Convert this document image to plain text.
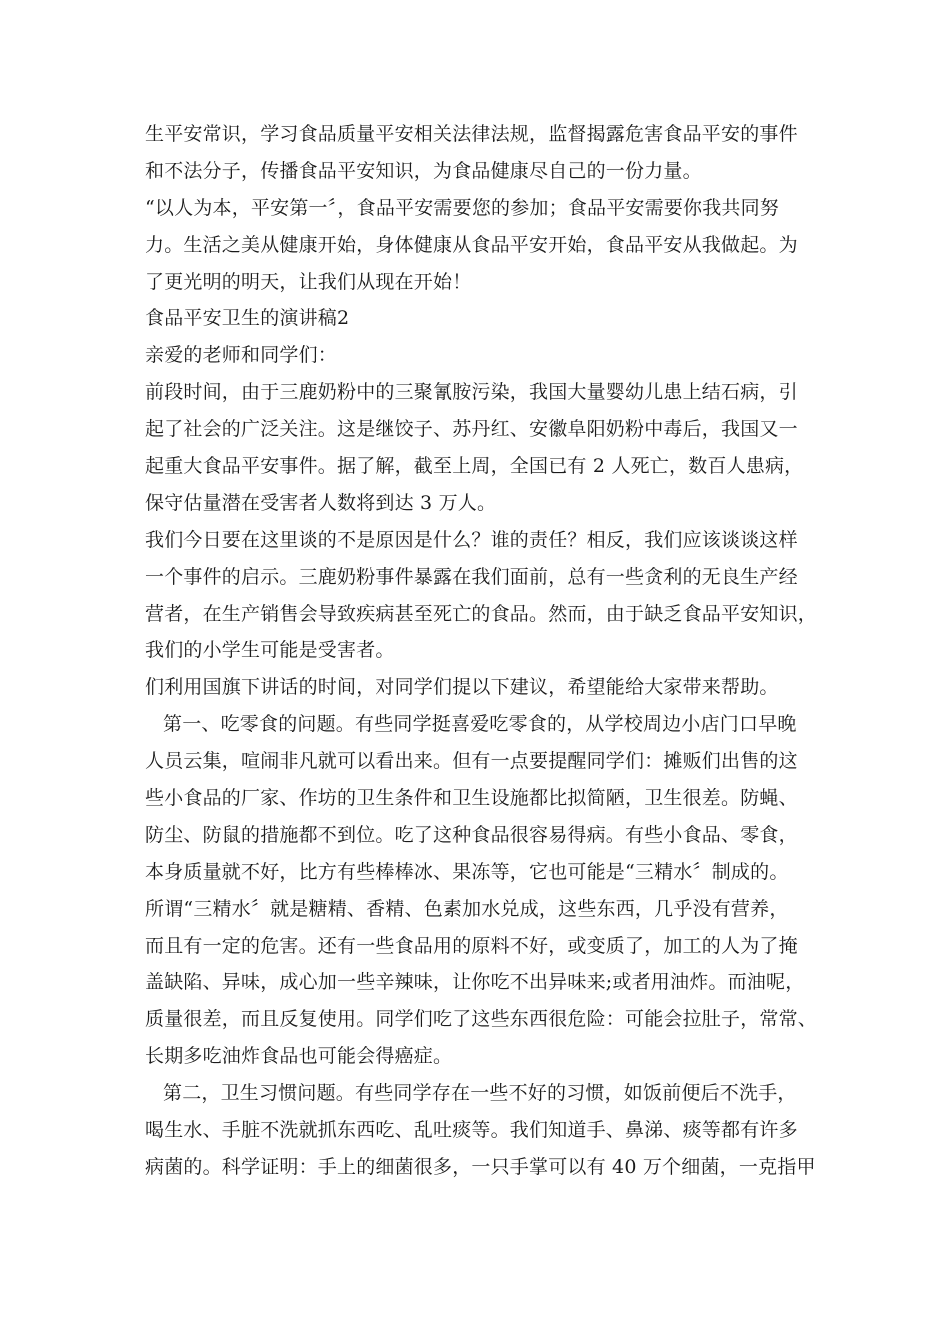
生平安常识，学习食品质量平安相关法律法规，监督揭露危害食品平安的事件
和不法分子，传播食品平安知识，为食品健康尽自己的一份力量。
“以人为本，平安第一〞，食品平安需要您的参加；食品平安需要你我共同努
力。生活之美从健康开始，身体健康从食品平安开始，食品平安从我做起。为
了更光明的明天，让我们从现在开始！
食品平安卫生的演讲稿2
亲爱的老师和同学们：
前段时间，由于三鹿奶粉中的三聚氰胺污染，我国大量婴幼儿患上结石病，引
起了社会的广泛关注。这是继饺子、苏丹红、安徽阜阳奶粉中毒后，我国又一
起重大食品平安事件。据了解，截至上周，全国已有 2 人死亡，数百人患病，
保守估量潜在受害者人数将到达 3 万人。
我们今日要在这里谈的不是原因是什么？谁的责任？相反，我们应该谈谈这样
一个事件的启示。三鹿奶粉事件暴露在我们面前，总有一些贪利的无良生产经
营者，在生产销售会导致疾病甚至死亡的食品。然而，由于缺乏食品平安知识，
我们的小学生可能是受害者。
们利用国旗下讲话的时间，对同学们提以下建议，希望能给大家带来帮助。
第一、吃零食的问题。有些同学挺喜爱吃零食的，从学校周边小店门口早晚
人员云集，喧闹非凡就可以看出来。但有一点要提醒同学们：摊贩们出售的这
些小食品的厂家、作坊的卫生条件和卫生设施都比拟简陋，卫生很差。防蝇、
防尘、防鼠的措施都不到位。吃了这种食品很容易得病。有些小食品、零食，
本身质量就不好，比方有些棒棒冰、果冻等，它也可能是“三精水〞制成的。
所谓“三精水〞就是糖精、香精、色素加水兑成，这些东西，几乎没有营养，
而且有一定的危害。还有一些食品用的原料不好，或变质了，加工的人为了掩
盖缺陷、异味，成心加一些辛辣味，让你吃不出异味来;或者用油炸。而油呢，
质量很差，而且反复使用。同学们吃了这些东西很危险：可能会拉肚子，常常、
长期多吃油炸食品也可能会得癌症。
第二，卫生习惯问题。有些同学存在一些不好的习惯，如饭前便后不洗手，
喝生水、手脏不洗就抓东西吃、乱吐痰等。我们知道手、鼻涕、痰等都有许多
病菌的。科学证明：手上的细菌很多，一只手掌可以有 40 万个细菌，一克指甲
